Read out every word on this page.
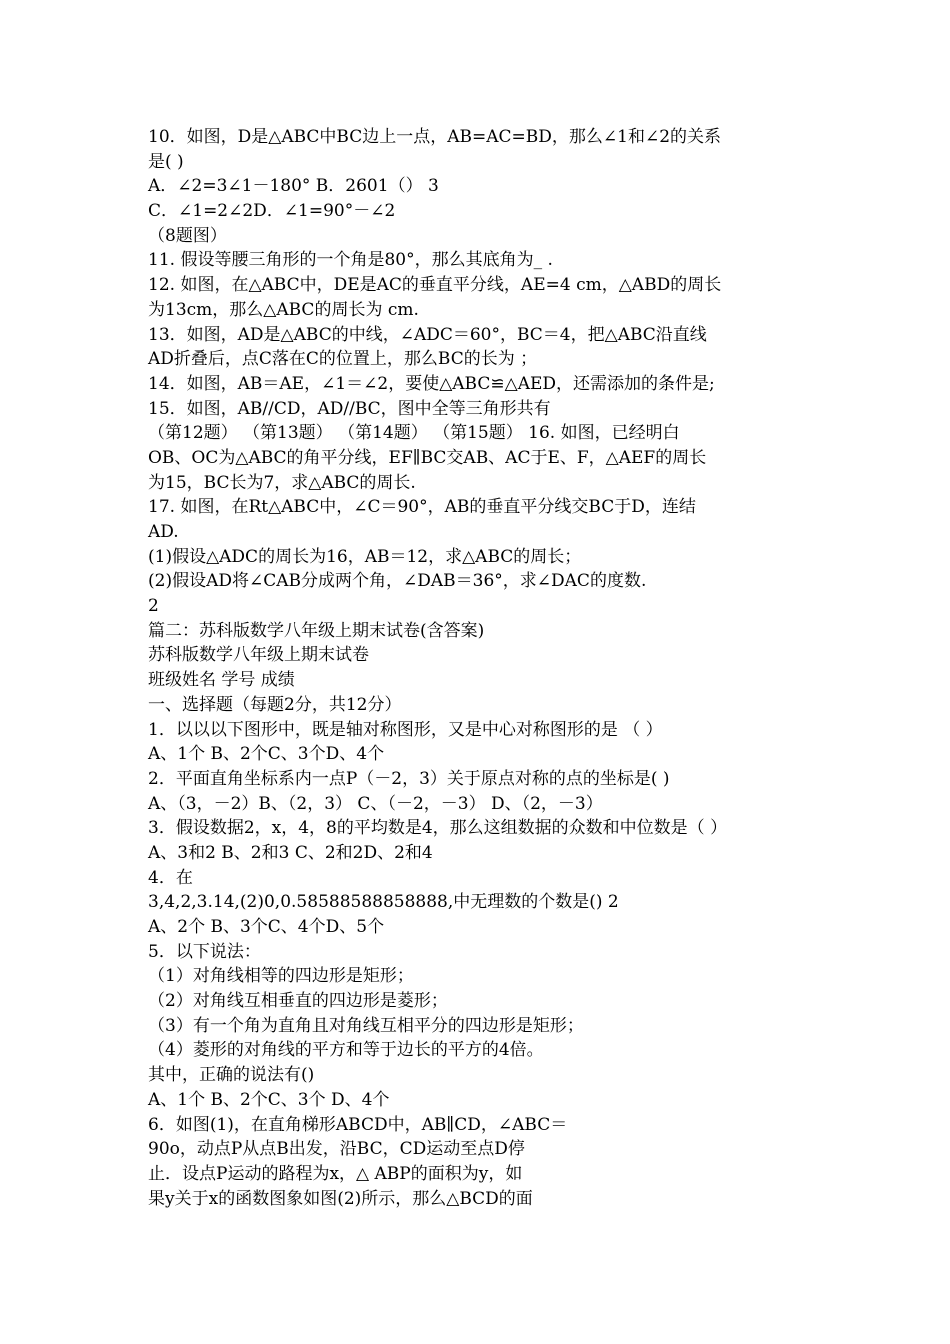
10．如图，D是△ABC中BC边上一点，AB=AC=BD，那么∠1和∠2的关系
是( )
A．∠2=3∠1－180° B．2601（） 3
C．∠1=2∠2D．∠1=90°－∠2
（8题图）
11. 假设等腰三角形的一个角是80°，那么其底角为_ .
12. 如图，在△ABC中，DE是AC的垂直平分线，AE=4 cm，△ABD的周长
为13cm，那么△ABC的周长为 cm.
13．如图，AD是△ABC的中线，∠ADC＝60°，BC＝4，把△ABC沿直线
AD折叠后，点C落在C的位置上，那么BC的长为 ；
14．如图，AB＝AE，∠1＝∠2，要使△ABC≌△AED，还需添加的条件是;
15．如图，AB//CD，AD//BC，图中全等三角形共有
（第12题） （第13题） （第14题） （第15题） 16. 如图，已经明白
OB、OC为△ABC的角平分线，EF∥BC交AB、AC于E、F，△AEF的周长
为15，BC长为7，求△ABC的周长.
17. 如图，在Rt△ABC中，∠C＝90°，AB的垂直平分线交BC于D，连结
AD.
(1)假设△ADC的周长为16，AB＝12，求△ABC的周长；
(2)假设AD将∠CAB分成两个角，∠DAB＝36°，求∠DAC的度数.
2
篇二：苏科版数学八年级上期末试卷(含答案)
苏科版数学八年级上期末试卷
班级姓名 学号 成绩
一、选择题（每题2分，共12分）
1．以以以下图形中，既是轴对称图形，又是中心对称图形的是 （ ）
A、1个 B、2个C、3个D、4个
2．平面直角坐标系内一点P（－2，3）关于原点对称的点的坐标是( )
A、（3，－2）B、（2，3） C、（－2，－3） D、（2，－3）
3．假设数据2，x，4，8的平均数是4，那么这组数据的众数和中位数是（ ）
A、3和2 B、2和3 C、2和2D、2和4
4．在
3,4,2,3.14,(2)0,0.58588588858888,中无理数的个数是() 2
A、2个 B、3个C、4个D、5个
5．以下说法：
（1）对角线相等的四边形是矩形；
（2）对角线互相垂直的四边形是菱形；
（3）有一个角为直角且对角线互相平分的四边形是矩形；
（4）菱形的对角线的平方和等于边长的平方的4倍。
其中，正确的说法有()
A、1个 B、2个C、3个 D、4个
6．如图(1)，在直角梯形ABCD中，AB∥CD，∠ABC＝
90o，动点P从点B出发，沿BC，CD运动至点D停
止．设点P运动的路程为x，△ ABP的面积为y，如
果y关于x的函数图象如图(2)所示，那么△BCD的面
